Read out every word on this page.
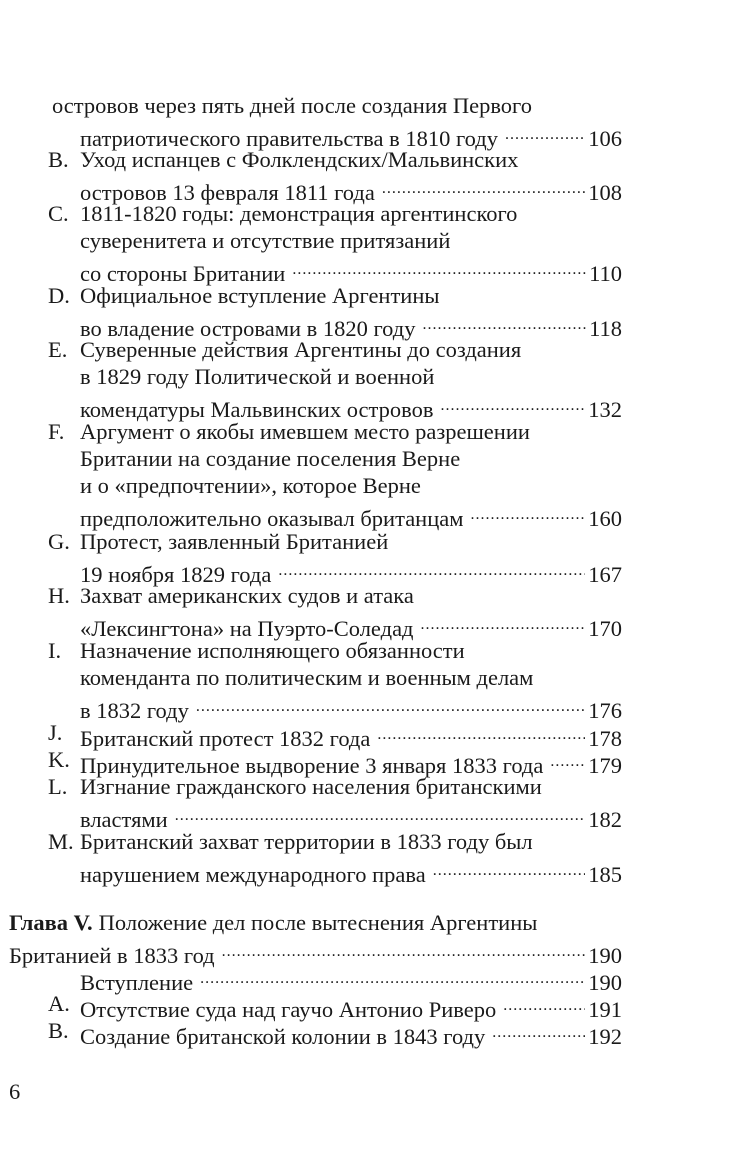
островов через пять дней после создания Первого
патриотического правительства в 1810 году .....	106
B. Уход испанцев с Фолклендских/Мальвинских
островов 13 февраля 1811 года .....	108
C. 1811-1820 годы: демонстрация аргентинского
суверенитета и отсутствие притязаний
со стороны Британии .....	110
D. Официальное вступление Аргентины
во владение островами в 1820 году .....	118
E. Суверенные действия Аргентины до создания
в 1829 году Политической и военной
комендатуры Мальвинских островов .....	132
F. Аргумент о якобы имевшем место разрешении
Британии на создание поселения Верне
и о «предпочтении», которое Верне
предположительно оказывал британцам .....	160
G. Протест, заявленный Британией
19 ноября 1829 года .....	167
H. Захват американских судов и атака
«Лексингтона» на Пуэрто-Соледад .....	170
I. Назначение исполняющего обязанности
коменданта по политическим и военным делам
в 1832 году .....	176
J. Британский протест 1832 года .....	178
K. Принудительное выдворение 3 января 1833 года ..... 179
L. Изгнание гражданского населения британскими
властями .....	182
M. Британский захват территории в 1833 году был
нарушением международного права .....	185
Глава V. Положение дел после вытеснения Аргентины
Британией в 1833 год .....	190
Вступление .....	190
A. Отсутствие суда над гаучо Антонио Риверо .....	191
B. Создание британской колонии в 1843 году .....	192
6
